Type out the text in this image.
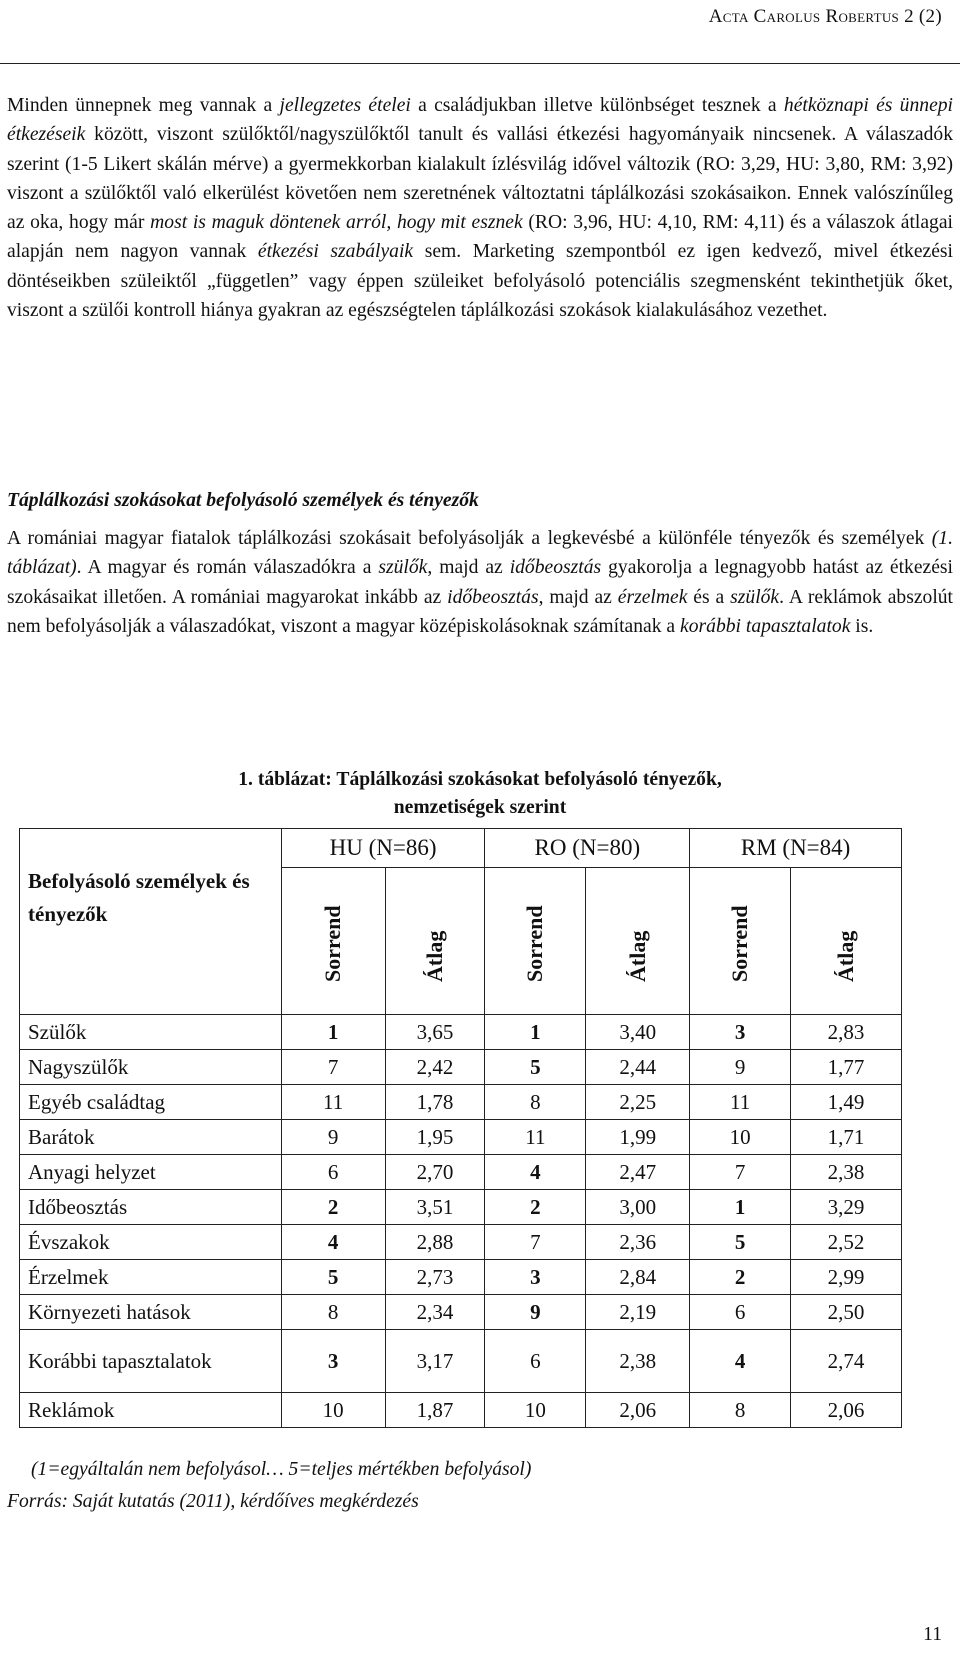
Acta Carolus Robertus 2 (2)
Minden ünnepnek meg vannak a jellegzetes ételei a családjukban illetve különbséget tesznek a hétköznapi és ünnepi étkezéseik között, viszont szülőktől/nagyszülőktől tanult és vallási étkezési hagyományaik nincsenek. A válaszadók szerint (1-5 Likert skálán mérve) a gyermekkorban kialakult ízlésvilág idővel változik (RO: 3,29, HU: 3,80, RM: 3,92) viszont a szülőktől való elkerülést követően nem szeretnének változtatni táplálkozási szokásaikon. Ennek valószínűleg az oka, hogy már most is maguk döntenek arról, hogy mit esznek (RO: 3,96, HU: 4,10, RM: 4,11) és a válaszok átlagai alapján nem nagyon vannak étkezési szabályaik sem. Marketing szempontból ez igen kedvező, mivel étkezési döntéseikben szüleiktől „független” vagy éppen szüleiket befolyásoló potenciális szegmensként tekinthetjük őket, viszont a szülői kontroll hiánya gyakran az egészségtelen táplálkozási szokások kialakulásához vezethet.
Táplálkozási szokásokat befolyásoló személyek és tényezők
A romániai magyar fiatalok táplálkozási szokásait befolyásolják a legkevésbé a különféle tényezők és személyek (1. táblázat). A magyar és román válaszadókra a szülők, majd az időbeosztás gyakorolja a legnagyobb hatást az étkezési szokásaikat illetően. A romániai magyarokat inkább az időbeosztás, majd az érzelmek és a szülők. A reklámok abszolút nem befolyásolják a válaszadókat, viszont a magyar középiskolásoknak számítanak a korábbi tapasztalatok is.
1. táblázat: Táplálkozási szokásokat befolyásoló tényezők,
nemzetiségek szerint
Befolyásoló személyek és tényezők	HU (N=86)		RO (N=80)		RM (N=84)	

	Sorrend	Átlag	Sorrend	Átlag	Sorrend	Átlag

Szülők	1	3,65	1	3,40	3	2,83
Nagyszülők	7	2,42	5	2,44	9	1,77
Egyéb családtag	11	1,78	8	2,25	11	1,49
Barátok	9	1,95	11	1,99	10	1,71
Anyagi helyzet	6	2,70	4	2,47	7	2,38
Időbeosztás	2	3,51	2	3,00	1	3,29
Évszakok	4	2,88	7	2,36	5	2,52
Érzelmek	5	2,73	3	2,84	2	2,99
Környezeti hatások	8	2,34	9	2,19	6	2,50
Korábbi tapasztalatok	3	3,17	6	2,38	4	2,74
Reklámok	10	1,87	10	2,06	8	2,06
(1=egyáltalán nem befolyásol… 5=teljes mértékben befolyásol)
Forrás: Saját kutatás (2011), kérdőíves megkérdezés
11
